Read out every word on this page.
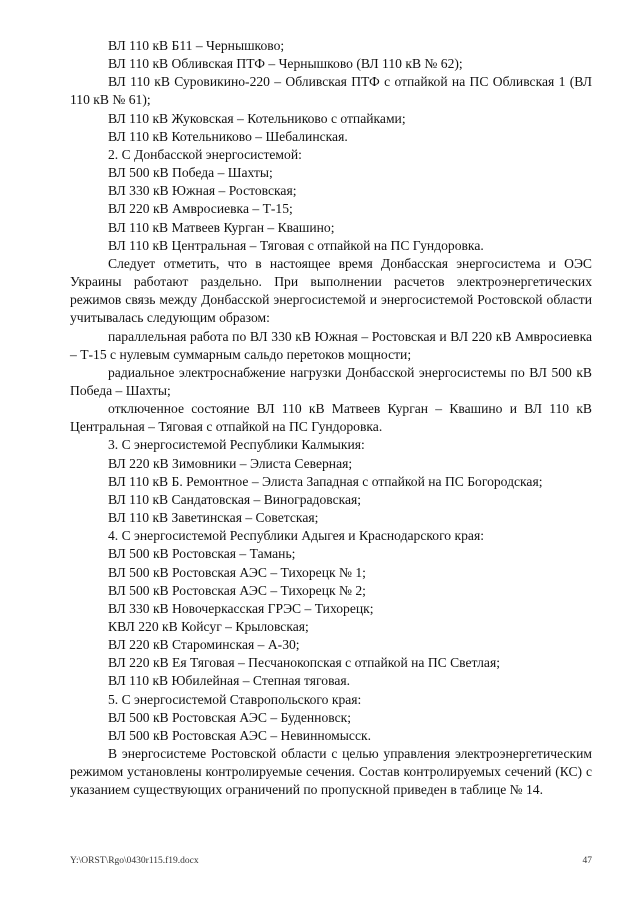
ВЛ 110 кВ Б11 – Чернышково;

ВЛ 110 кВ Обливская ПТФ – Чернышково (ВЛ 110 кВ № 62);

ВЛ 110 кВ Суровикино-220 – Обливская ПТФ с отпайкой на ПС Обливская 1 (ВЛ 110 кВ № 61);

ВЛ 110 кВ Жуковская – Котельниково с отпайками;

ВЛ 110 кВ Котельниково – Шебалинская.

2. С Донбасской энергосистемой:

ВЛ 500 кВ Победа – Шахты;

ВЛ 330 кВ Южная – Ростовская;

ВЛ 220 кВ Амвросиевка – Т-15;

ВЛ 110 кВ Матвеев Курган – Квашино;

ВЛ 110 кВ Центральная – Тяговая с отпайкой на ПС Гундоровка.

Следует отметить, что в настоящее время Донбасская энергосистема и ОЭС Украины работают раздельно. При выполнении расчетов электроэнергетических режимов связь между Донбасской энергосистемой и энергосистемой Ростовской области учитывалась следующим образом:

параллельная работа по ВЛ 330 кВ Южная – Ростовская и ВЛ 220 кВ Амвросиевка – Т-15 с нулевым суммарным сальдо перетоков мощности;

радиальное электроснабжение нагрузки Донбасской энергосистемы по ВЛ 500 кВ Победа – Шахты;

отключенное состояние ВЛ 110 кВ Матвеев Курган – Квашино и ВЛ 110 кВ Центральная – Тяговая с отпайкой на ПС Гундоровка.

3. С энергосистемой Республики Калмыкия:

ВЛ 220 кВ Зимовники – Элиста Северная;

ВЛ 110 кВ Б. Ремонтное – Элиста Западная с отпайкой на ПС Богородская;

ВЛ 110 кВ Сандатовская – Виноградовская;

ВЛ 110 кВ Заветинская – Советская;

4. С энергосистемой Республики Адыгея и Краснодарского края:

ВЛ 500 кВ Ростовская – Тамань;

ВЛ 500 кВ Ростовская АЭС – Тихорецк № 1;

ВЛ 500 кВ Ростовская АЭС – Тихорецк № 2;

ВЛ 330 кВ Новочеркасская ГРЭС – Тихорецк;

КВЛ 220 кВ Койсуг – Крыловская;

ВЛ 220 кВ Староминская – А-30;

ВЛ 220 кВ Ея Тяговая – Песчанокопская с отпайкой на ПС Светлая;

ВЛ 110 кВ Юбилейная – Степная тяговая.

5. С энергосистемой Ставропольского края:

ВЛ 500 кВ Ростовская АЭС – Буденновск;

ВЛ 500 кВ Ростовская АЭС – Невинномысск.

В энергосистеме Ростовской области с целью управления электроэнергетическим режимом установлены контролируемые сечения. Состав контролируемых сечений (КС) с указанием существующих ограничений по пропускной приведен в таблице № 14.

Y:\ORST\Rgo\0430r115.f19.docx	47
